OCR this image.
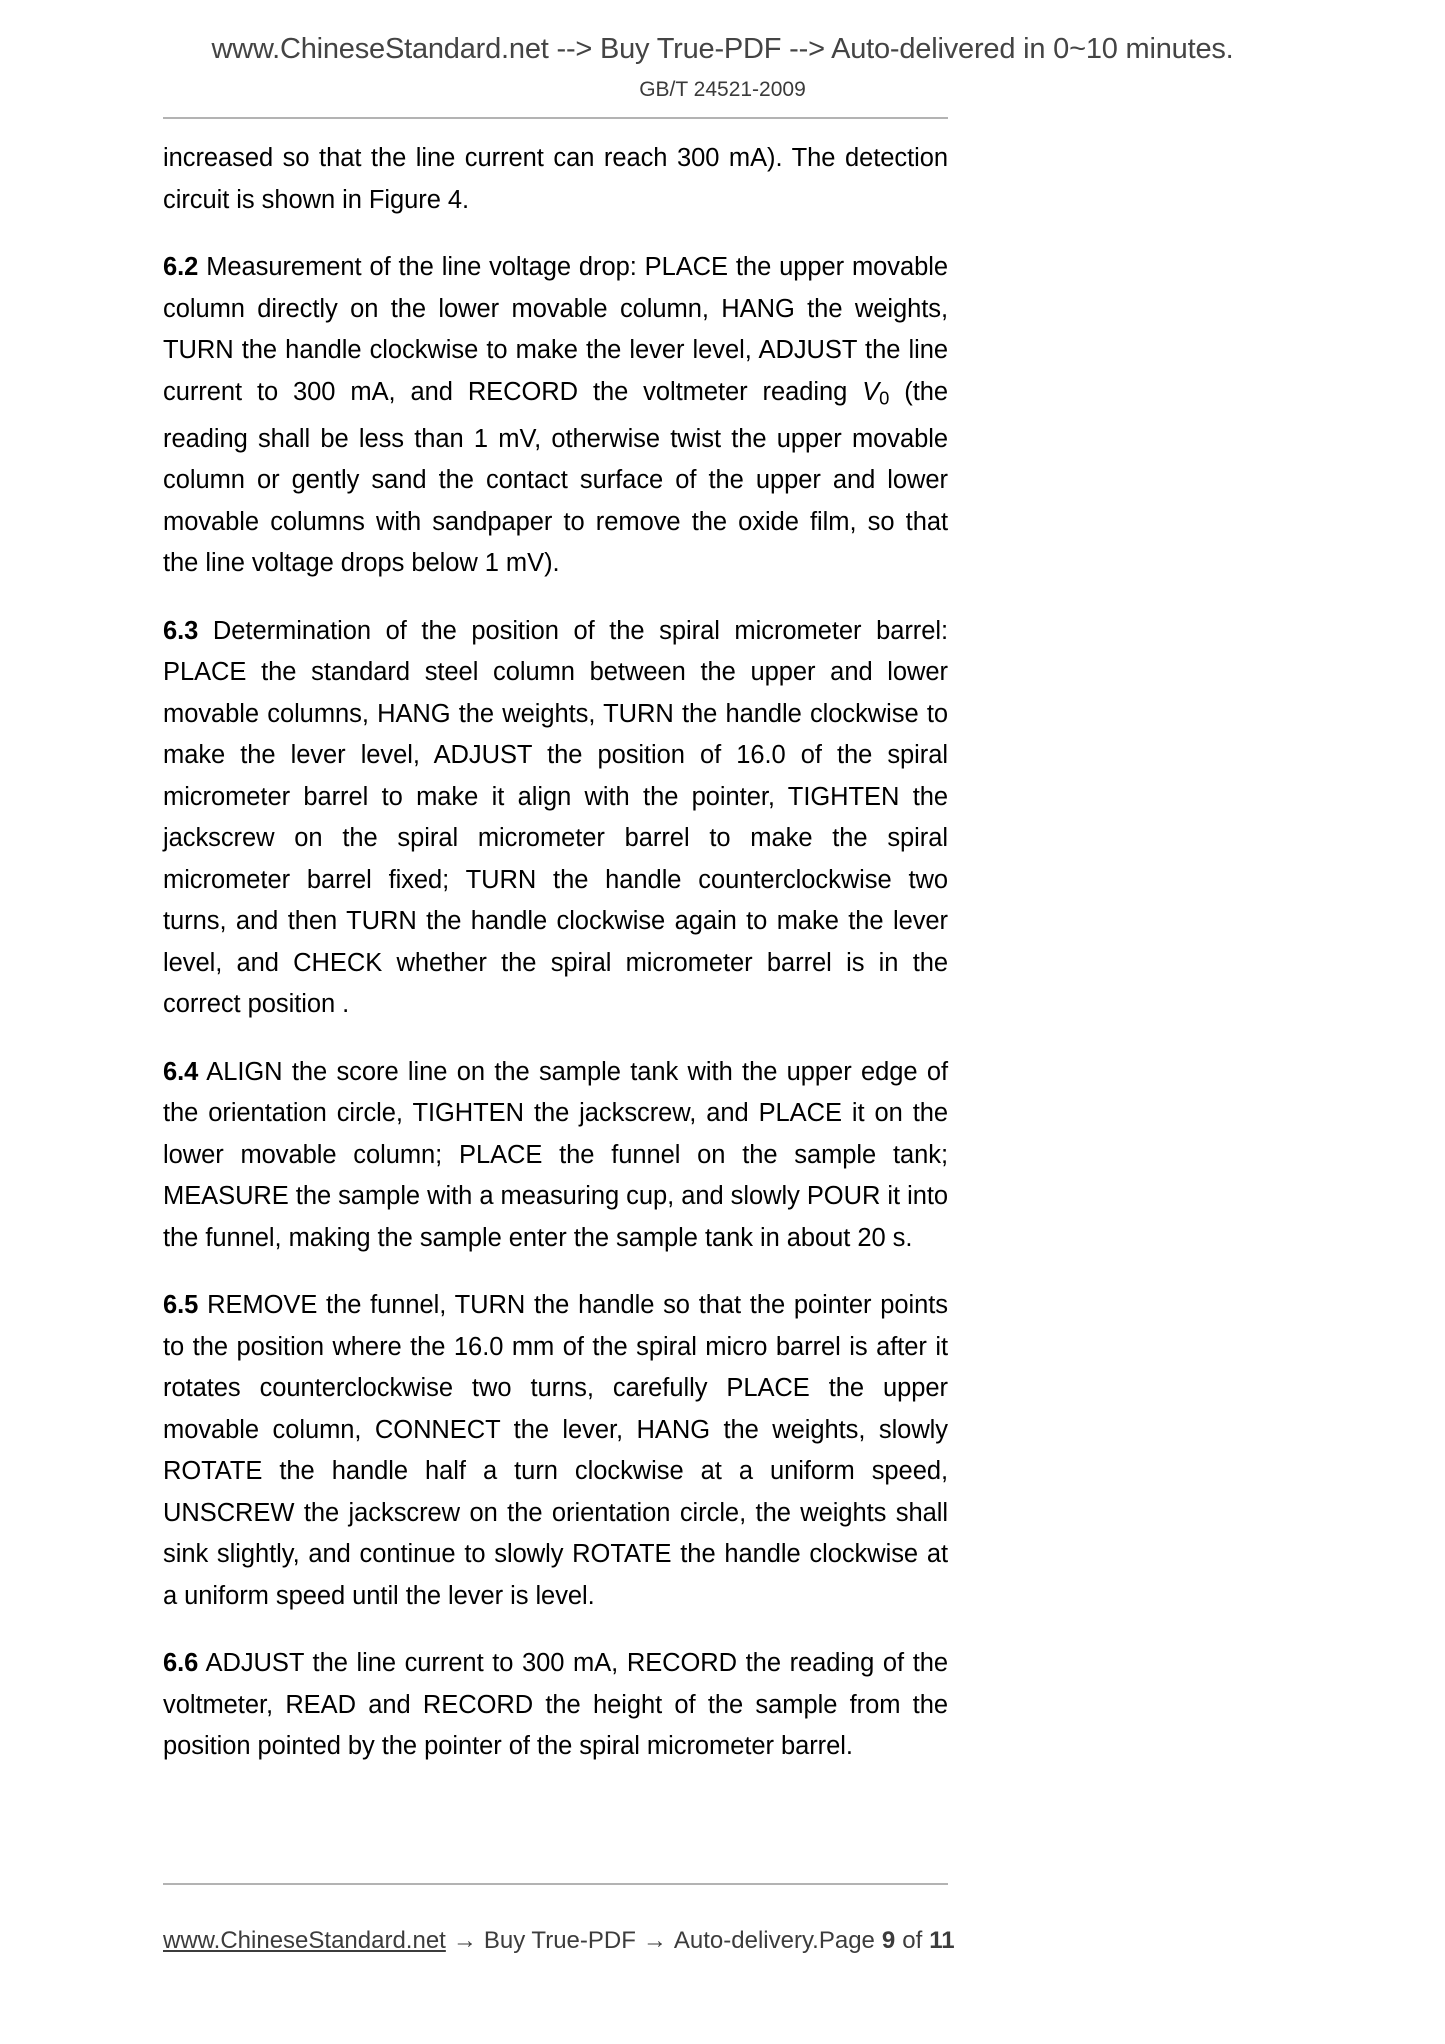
www.ChineseStandard.net --> Buy True-PDF --> Auto-delivered in 0~10 minutes.
GB/T 24521-2009

increased so that the line current can reach 300 mA). The detection circuit is shown in Figure 4.

6.2 Measurement of the line voltage drop: PLACE the upper movable column directly on the lower movable column, HANG the weights, TURN the handle clockwise to make the lever level, ADJUST the line current to 300 mA, and RECORD the voltmeter reading $V_0$ (the reading shall be less than 1 mV, otherwise twist the upper movable column or gently sand the contact surface of the upper and lower movable columns with sandpaper to remove the oxide film, so that the line voltage drops below 1 mV).

6.3 Determination of the position of the spiral micrometer barrel: PLACE the standard steel column between the upper and lower movable columns, HANG the weights, TURN the handle clockwise to make the lever level, ADJUST the position of 16.0 of the spiral micrometer barrel to make it align with the pointer, TIGHTEN the jackscrew on the spiral micrometer barrel to make the spiral micrometer barrel fixed; TURN the handle counterclockwise two turns, and then TURN the handle clockwise again to make the lever level, and CHECK whether the spiral micrometer barrel is in the correct position .

6.4 ALIGN the score line on the sample tank with the upper edge of the orientation circle, TIGHTEN the jackscrew, and PLACE it on the lower movable column; PLACE the funnel on the sample tank; MEASURE the sample with a measuring cup, and slowly POUR it into the funnel, making the sample enter the sample tank in about 20 s.

6.5 REMOVE the funnel, TURN the handle so that the pointer points to the position where the 16.0 mm of the spiral micro barrel is after it rotates counterclockwise two turns, carefully PLACE the upper movable column, CONNECT the lever, HANG the weights, slowly ROTATE the handle half a turn clockwise at a uniform speed, UNSCREW the jackscrew on the orientation circle, the weights shall sink slightly, and continue to slowly ROTATE the handle clockwise at a uniform speed until the lever is level.

6.6 ADJUST the line current to 300 mA, RECORD the reading of the voltmeter, READ and RECORD the height of the sample from the position pointed by the pointer of the spiral micrometer barrel.

www.ChineseStandard.net → Buy True-PDF → Auto-delivery. Page 9 of 11
